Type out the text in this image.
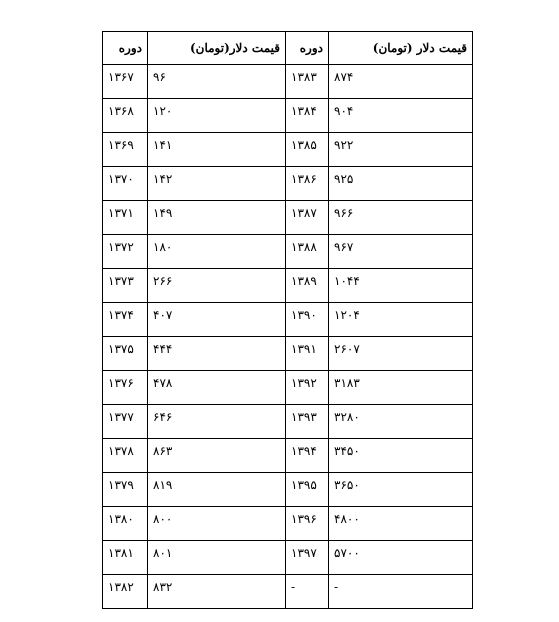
قیمت دلار (تومان)	دوره	قیمت دلار(تومان)	دوره
۸۷۴	۱۳۸۳	۹۶	۱۳۶۷
۹۰۴	۱۳۸۴	۱۲۰	۱۳۶۸
۹۲۲	۱۳۸۵	۱۴۱	۱۳۶۹
۹۲۵	۱۳۸۶	۱۴۲	۱۳۷۰
۹۶۶	۱۳۸۷	۱۴۹	۱۳۷۱
۹۶۷	۱۳۸۸	۱۸۰	۱۳۷۲
۱۰۴۴	۱۳۸۹	۲۶۶	۱۳۷۳
۱۲۰۴	۱۳۹۰	۴۰۷	۱۳۷۴
۲۶۰۷	۱۳۹۱	۴۴۴	۱۳۷۵
۳۱۸۳	۱۳۹۲	۴۷۸	۱۳۷۶
۳۲۸۰	۱۳۹۳	۶۴۶	۱۳۷۷
۳۴۵۰	۱۳۹۴	۸۶۳	۱۳۷۸
۳۶۵۰	۱۳۹۵	۸۱۹	۱۳۷۹
۴۸۰۰	۱۳۹۶	۸۰۰	۱۳۸۰
۵۷۰۰	۱۳۹۷	۸۰۱	۱۳۸۱
-	-	۸۳۲	۱۳۸۲
